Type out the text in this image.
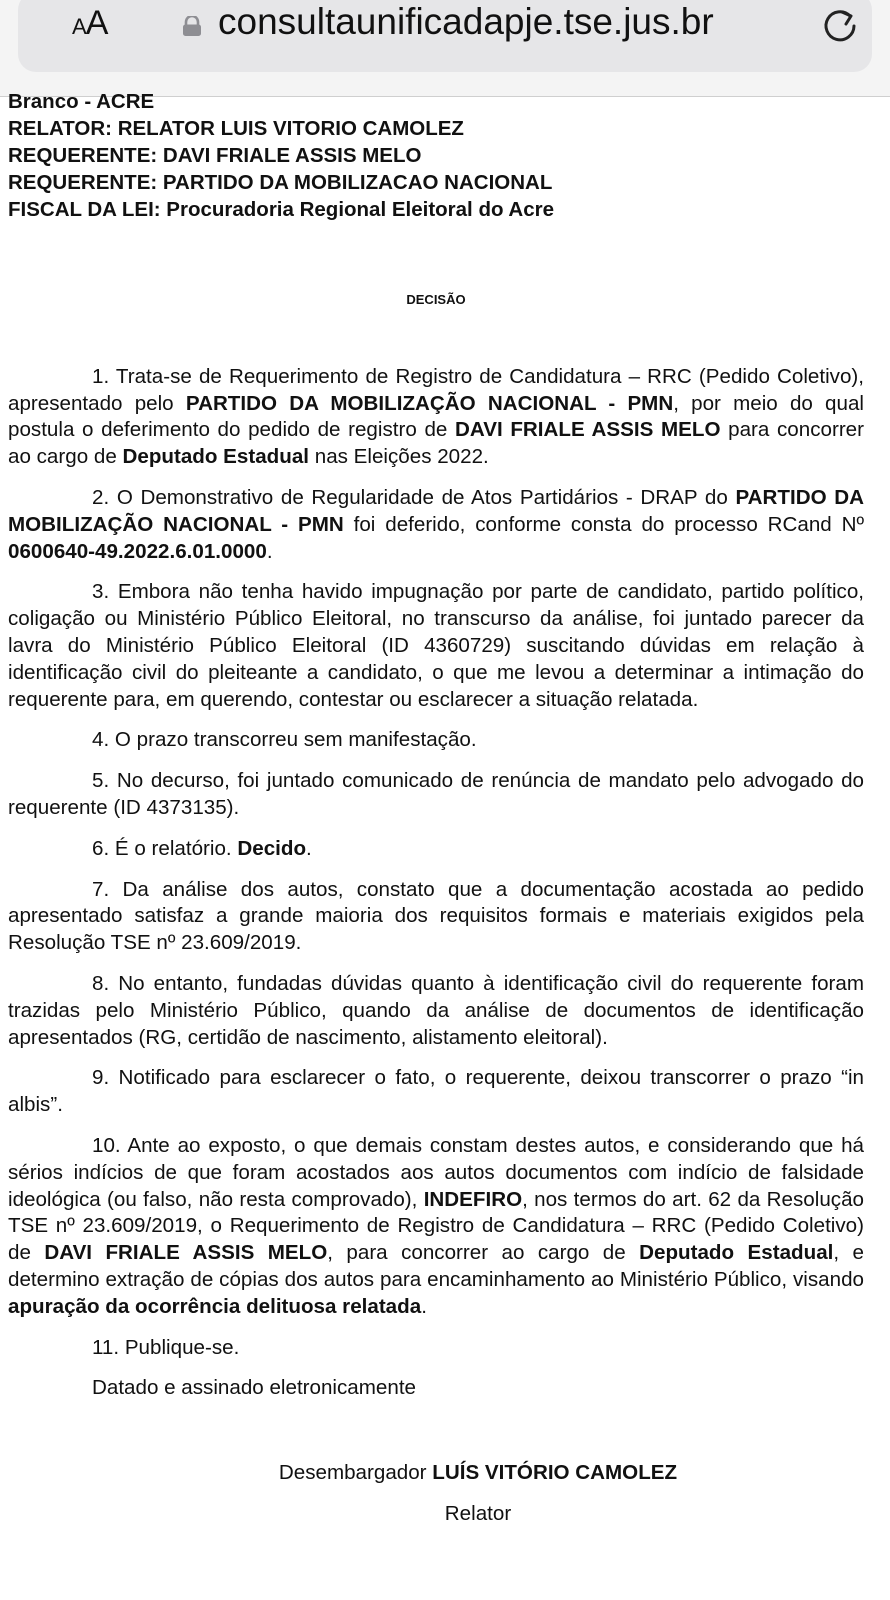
AA	consultaunificadapje.tse.jus.br
Branco - ACRE
RELATOR: RELATOR LUIS VITORIO CAMOLEZ
REQUERENTE: DAVI FRIALE ASSIS MELO
REQUERENTE: PARTIDO DA MOBILIZACAO NACIONAL
FISCAL DA LEI: Procuradoria Regional Eleitoral do Acre
DECISÃO

1. Trata-se de Requerimento de Registro de Candidatura – RRC (Pedido Coletivo), apresentado pelo PARTIDO DA MOBILIZAÇÃO NACIONAL - PMN, por meio do qual postula o deferimento do pedido de registro de DAVI FRIALE ASSIS MELO para concorrer ao cargo de Deputado Estadual nas Eleições 2022.

2. O Demonstrativo de Regularidade de Atos Partidários - DRAP do PARTIDO DA MOBILIZAÇÃO NACIONAL - PMN foi deferido, conforme consta do processo RCand Nº 0600640-49.2022.6.01.0000.

3. Embora não tenha havido impugnação por parte de candidato, partido político, coligação ou Ministério Público Eleitoral, no transcurso da análise, foi juntado parecer da lavra do Ministério Público Eleitoral (ID 4360729) suscitando dúvidas em relação à identificação civil do pleiteante a candidato, o que me levou a determinar a intimação do requerente para, em querendo, contestar ou esclarecer a situação relatada.

4. O prazo transcorreu sem manifestação.

5. No decurso, foi juntado comunicado de renúncia de mandato pelo advogado do requerente (ID 4373135).

6. É o relatório. Decido.

7. Da análise dos autos, constato que a documentação acostada ao pedido apresentado satisfaz a grande maioria dos requisitos formais e materiais exigidos pela Resolução TSE nº 23.609/2019.

8. No entanto, fundadas dúvidas quanto à identificação civil do requerente foram trazidas pelo Ministério Público, quando da análise de documentos de identificação apresentados (RG, certidão de nascimento, alistamento eleitoral).

9. Notificado para esclarecer o fato, o requerente, deixou transcorrer o prazo “in albis”.

10. Ante ao exposto, o que demais constam destes autos, e considerando que há sérios indícios de que foram acostados aos autos documentos com indício de falsidade ideológica (ou falso, não resta comprovado), INDEFIRO, nos termos do art. 62 da Resolução TSE nº 23.609/2019, o Requerimento de Registro de Candidatura – RRC (Pedido Coletivo) de DAVI FRIALE ASSIS MELO, para concorrer ao cargo de Deputado Estadual, e determino extração de cópias dos autos para encaminhamento ao Ministério Público, visando apuração da ocorrência delituosa relatada.

11. Publique-se.

Datado e assinado eletronicamente

Desembargador LUÍS VITÓRIO CAMOLEZ
Relator
